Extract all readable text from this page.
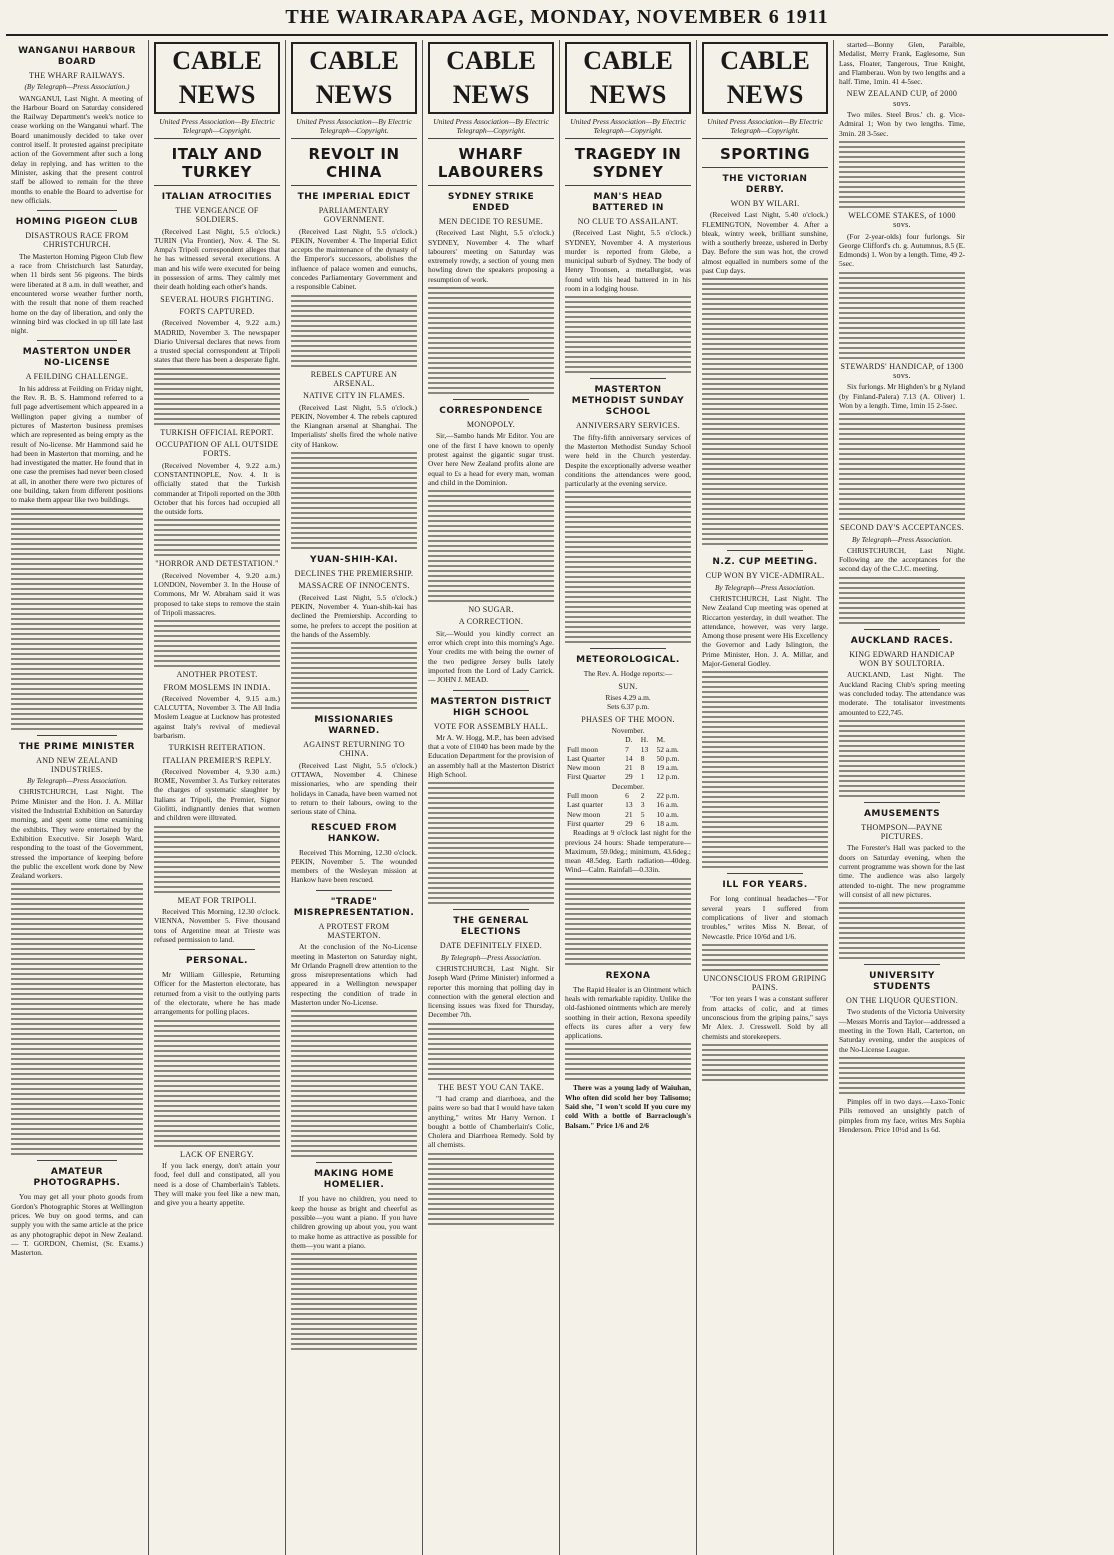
THE WAIRARAPA AGE, MONDAY, NOVEMBER 6 1911
WANGANUI HARBOUR BOARD
THE WHARF RAILWAYS.
(By Telegraph—Press Association.)

WANGANUI, Last Night. A meeting of the Harbour Board on Saturday considered the Railway Department's week's notice to cease working on the Wanganui wharf. The Board unanimously decided to take over control itself. It protested against precipitate action of the Government after such a long delay in replying, and has written to the Minister, asking that the present control staff be allowed to remain for the three months to enable the Board to advertise for new officials.

HOMING PIGEON CLUB
DISASTROUS RACE FROM CHRISTCHURCH.

The Masterton Homing Pigeon Club flew a race from Christchurch last Saturday, when 11 birds sent 56 pigeons. The birds were liberated at 8 a.m. in dull weather, and encountered worse weather further north, with the result that none of them reached home on the day of liberation, and only the winning bird was clocked in up till late last night.

MASTERTON UNDER NO-LICENSE
A FEILDING CHALLENGE.

In his address at Feilding on Friday night, the Rev. R. B. S. Hammond referred to a full page advertisement which appeared in a Wellington paper giving a number of pictures of Masterton business premises which are represented as being empty as the result of No-license. Mr Hammond said he had been in Masterton that morning, and he had investigated the matter. He found that in one case the premises had never been closed at all, in another there were two pictures of one building, taken from different positions to make them appear like two buildings.

THE PRIME MINISTER
AND NEW ZEALAND INDUSTRIES.
By Telegraph—Press Association.

CHRISTCHURCH, Last Night. The Prime Minister and the Hon. J. A. Millar visited the Industrial Exhibition on Saturday morning, and spent some time examining the exhibits. They were entertained by the Exhibition Executive. Sir Joseph Ward, responding to the toast of the Government, stressed the importance of keeping before the public the excellent work done by New Zealand workers.

AMATEUR PHOTOGRAPHS.

You may get all your photo goods from Gordon's Photographic Stores at Wellington prices. We buy on good terms, and can supply you with the same article at the price as any photographic depot in New Zealand. — T. GORDON, Chemist, (Sr. Exams.) Masterton.

CABLE NEWS
United Press Association—By Electric Telegraph—Copyright.
ITALY AND TURKEY
ITALIAN ATROCITIES
THE VENGEANCE OF SOLDIERS.

(Received Last Night, 5.5 o'clock.) TURIN (Via Frontier), Nov. 4. The St. Ampa's Tripoli correspondent alleges that he has witnessed several executions. A man and his wife were executed for being in possession of arms. They calmly met their death holding each other's hands.

SEVERAL HOURS FIGHTING.
FORTS CAPTURED.

(Received November 4, 9.22 a.m.) MADRID, November 3. The newspaper Diario Universal declares that news from a trusted special correspondent at Tripoli states that there has been a desperate fight.

TURKISH OFFICIAL REPORT.
OCCUPATION OF ALL OUTSIDE FORTS.

(Received November 4, 9.22 a.m.) CONSTANTINOPLE, Nov. 4. It is officially stated that the Turkish commander at Tripoli reported on the 30th October that his forces had occupied all the outside forts.

"HORROR AND DETESTATION."

(Received November 4, 9.20 a.m.) LONDON, November 3. In the House of Commons, Mr W. Abraham said it was proposed to take steps to remove the stain of Tripoli massacres.

ANOTHER PROTEST.
FROM MOSLEMS IN INDIA.

(Received November 4, 9.15 a.m.) CALCUTTA, November 3. The All India Moslem League at Lucknow has protested against Italy's revival of medieval barbarism.

TURKISH REITERATION.
ITALIAN PREMIER'S REPLY.

(Received November 4, 9.30 a.m.) ROME, November 3. As Turkey reiterates the charges of systematic slaughter by Italians at Tripoli, the Premier, Signor Giolitti, indignantly denies that women and children were illtreated.

MEAT FOR TRIPOLI.

Received This Morning, 12.30 o'clock. VIENNA, November 5. Five thousand tons of Argentine meat at Trieste was refused permission to land.

PERSONAL.

Mr William Gillespie, Returning Officer for the Masterton electorate, has returned from a visit to the outlying parts of the electorate, where he has made arrangements for polling places.

LACK OF ENERGY.

If you lack energy, don't attain your food, feel dull and constipated, all you need is a dose of Chamberlain's Tablets. They will make you feel like a new man, and give you a hearty appetite.

CABLE NEWS
United Press Association—By Electric Telegraph—Copyright.
REVOLT IN CHINA
THE IMPERIAL EDICT
PARLIAMENTARY GOVERNMENT.

(Received Last Night, 5.5 o'clock.) PEKIN, November 4. The Imperial Edict accepts the maintenance of the dynasty of the Emperor's successors, abolishes the influence of palace women and eunuchs, concedes Parliamentary Government and a responsible Cabinet.

REBELS CAPTURE AN ARSENAL.
NATIVE CITY IN FLAMES.

(Received Last Night, 5.5 o'clock.) PEKIN, November 4. The rebels captured the Kiangnan arsenal at Shanghai. The Imperialists' shells fired the whole native city of Hankow.

YUAN-SHIH-KAI.
DECLINES THE PREMIERSHIP.
MASSACRE OF INNOCENTS.

(Received Last Night, 5.5 o'clock.) PEKIN, November 4. Yuan-shih-kai has declined the Premiership. According to some, he prefers to accept the position at the hands of the Assembly.

MISSIONARIES WARNED.
AGAINST RETURNING TO CHINA.

(Received Last Night, 5.5 o'clock.) OTTAWA, November 4. Chinese missionaries, who are spending their holidays in Canada, have been warned not to return to their labours, owing to the serious state of China.

RESCUED FROM HANKOW.

Received This Morning, 12.30 o'clock. PEKIN, November 5. The wounded members of the Wesleyan mission at Hankow have been rescued.

"TRADE" MISREPRESENTATION.
A PROTEST FROM MASTERTON.

At the conclusion of the No-License meeting in Masterton on Saturday night, Mr Orlando Pragnell drew attention to the gross misrepresentations which had appeared in a Wellington newspaper respecting the condition of trade in Masterton under No-License.

MAKING HOME HOMELIER.

If you have no children, you need to keep the house as bright and cheerful as possible—you want a piano. If you have children growing up about you, you want to make home as attractive as possible for them—you want a piano.

CABLE NEWS
United Press Association—By Electric Telegraph—Copyright.
WHARF LABOURERS
SYDNEY STRIKE ENDED
MEN DECIDE TO RESUME.

(Received Last Night, 5.5 o'clock.) SYDNEY, November 4. The wharf labourers' meeting on Saturday was extremely rowdy, a section of young men howling down the speakers proposing a resumption of work.

CORRESPONDENCE
MONOPOLY.

Sir,—Sambo hands Mr Editor. You are one of the first I have known to openly protest against the gigantic sugar trust. Over here New Zealand profits alone are equal to £s a head for every man, woman and child in the Dominion.

NO SUGAR.
A CORRECTION.

Sir,—Would you kindly correct an error which crept into this morning's Age. Your credits me with being the owner of the two pedigree Jersey bulls lately imported from the Lord of Lady Carrick. — JOHN J. MEAD.

MASTERTON DISTRICT HIGH SCHOOL
VOTE FOR ASSEMBLY HALL.

Mr A. W. Hogg, M.P., has been advised that a vote of £1040 has been made by the Education Department for the provision of an assembly hall at the Masterton District High School.

THE GENERAL ELECTIONS
DATE DEFINITELY FIXED.
By Telegraph—Press Association.

CHRISTCHURCH, Last Night. Sir Joseph Ward (Prime Minister) informed a reporter this morning that polling day in connection with the general election and licensing issues was fixed for Thursday, December 7th.

THE BEST YOU CAN TAKE.

"I had cramp and diarrhoea, and the pains were so bad that I would have taken anything," writes Mr Harry Vernon. I bought a bottle of Chamberlain's Colic, Cholera and Diarrhoea Remedy. Sold by all chemists.

CABLE NEWS
United Press Association—By Electric Telegraph—Copyright.
TRAGEDY IN SYDNEY
MAN'S HEAD BATTERED IN
NO CLUE TO ASSAILANT.

(Received Last Night, 5.5 o'clock.) SYDNEY, November 4. A mysterious murder is reported from Glebe, a municipal suburb of Sydney. The body of Henry Troonsen, a metallurgist, was found with his head battered in in his room in a lodging house.

MASTERTON METHODIST SUNDAY SCHOOL
ANNIVERSARY SERVICES.

The fifty-fifth anniversary services of the Masterton Methodist Sunday School were held in the Church yesterday. Despite the exceptionally adverse weather conditions the attendances were good, particularly at the evening service.

METEOROLOGICAL.
The Rev. A. Hodge reports:—
SUN.
Rises 4.29 a.m.
Sets 6.37 p.m.
PHASES OF THE MOON.
November.
	D.	H.	M.
Full moon	7	13	52 a.m.
Last Quarter	14	8	50 p.m.
New moon	21	8	19 a.m.
First Quarter	29	1	12 p.m.
December.			
Full moon	6	2	22 p.m.
Last quarter	13	3	16 a.m.
New moon	21	5	10 a.m.
First quarter	29	6	18 a.m.

Readings at 9 o'clock last night for the previous 24 hours: Shade temperature—Maximum, 59.0deg.; minimum, 43.6deg.; mean 48.5deg. Earth radiation—40deg. Wind—Calm. Rainfall—0.33in.

REXONA

The Rapid Healer is an Ointment which heals with remarkable rapidity. Unlike the old-fashioned ointments which are merely soothing in their action, Rexona speedily effects its cures after a very few applications.

There was a young lady of Waiuhan, Who often did scold her boy Talisomo; Said she, "I won't scold If you cure my cold With a bottle of Barraclough's Balsam." Price 1/6 and 2/6

CABLE NEWS
United Press Association—By Electric Telegraph—Copyright.
SPORTING
THE VICTORIAN DERBY.
WON BY WILARI.

(Received Last Night, 5.40 o'clock.) FLEMINGTON, November 4. After a bleak, wintry week, brilliant sunshine, with a southerly breeze, ushered in Derby Day. Before the sun was hot, the crowd almost equalled in numbers some of the past Cup days.

N.Z. CUP MEETING.
CUP WON BY VICE-ADMIRAL.
By Telegraph—Press Association.

CHRISTCHURCH, Last Night. The New Zealand Cup meeting was opened at Riccarton yesterday, in dull weather. The attendance, however, was very large. Among those present were His Excellency the Governor and Lady Islington, the Prime Minister, Hon. J. A. Millar, and Major-General Godley.

ILL FOR YEARS.

For long continual headaches—"For several years I suffered from complications of liver and stomach troubles," writes Miss N. Brear, of Newcastle. Price 10/6d and 1/6.

UNCONSCIOUS FROM GRIPING PAINS.

"For ten years I was a constant sufferer from attacks of colic, and at times unconscious from the griping pains," says Mr Alex. J. Cresswell. Sold by all chemists and storekeepers.

started—Bonny Glen, Paraible, Medalist, Merry Frank, Eaglesome, Sun Lass, Floater, Tangerous, True Knight, and Flamberau. Won by two lengths and a half. Time, 1min. 41 4-5sec.

NEW ZEALAND CUP, of 2000 sovs.

Two miles. Steel Bros.' ch. g. Vice-Admiral 1; Won by two lengths. Time, 3min. 28 3-5sec.

WELCOME STAKES, of 1000 sovs.

(For 2-year-olds) four furlongs. Sir George Clifford's ch. g. Autumnus, 8.5 (E. Edmonds) 1. Won by a length. Time, 49 2-5sec.

STEWARDS' HANDICAP, of 1300 sovs.

Six furlongs. Mr Highden's br g Nyland (by Finland-Palera) 7.13 (A. Oliver) 1. Won by a length. Time, 1min 15 2-5sec.

SECOND DAY'S ACCEPTANCES.
By Telegraph—Press Association.

CHRISTCHURCH, Last Night. Following are the acceptances for the second day of the C.J.C. meeting.

AUCKLAND RACES.
KING EDWARD HANDICAP WON BY SOULTORIA.

AUCKLAND, Last Night. The Auckland Racing Club's spring meeting was concluded today. The attendance was moderate. The totalisator investments amounted to £22,745.

AMUSEMENTS
THOMPSON—PAYNE PICTURES.

The Forester's Hall was packed to the doors on Saturday evening, when the current programme was shown for the last time. The audience was also largely attended to-night. The new programme will consist of all new pictures.

UNIVERSITY STUDENTS
ON THE LIQUOR QUESTION.

Two students of the Victoria University—Messrs Morris and Taylor—addressed a meeting in the Town Hall, Carterton, on Saturday evening, under the auspices of the No-License League.

Pimples off in two days.—Laxo-Tonic Pills removed an unsightly patch of pimples from my face, writes Mrs Sophia Henderson. Price 10½d and 1s 6d.
